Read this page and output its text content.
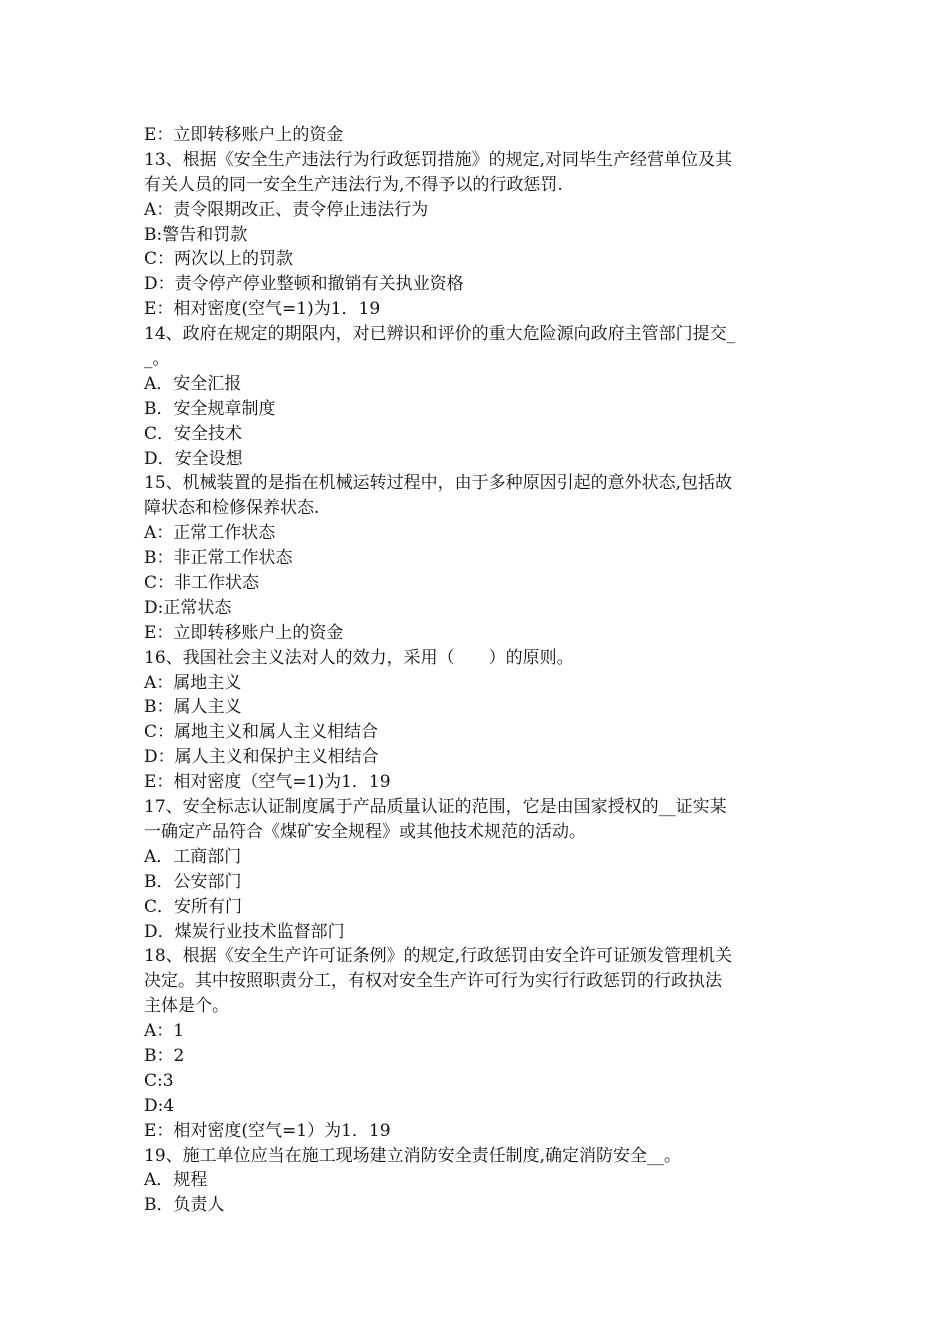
E：立即转移账户上的资金
13、根据《安全生产违法行为行政惩罚措施》的规定,对同毕生产经营单位及其
有关人员的同一安全生产违法行为,不得予以的行政惩罚.
A：责令限期改正、责令停止违法行为
B:警告和罚款
C：两次以上的罚款
D：责令停产停业整顿和撤销有关执业资格
E：相对密度(空气=1)为1．19
14、政府在规定的期限内，对已辨识和评价的重大危险源向政府主管部门提交_
_。
A．安全汇报
B．安全规章制度
C．安全技术
D．安全设想
15、机械装置的是指在机械运转过程中，由于多种原因引起的意外状态,包括故
障状态和检修保养状态.
A：正常工作状态
B：非正常工作状态
C：非工作状态
D:正常状态
E：立即转移账户上的资金
16、我国社会主义法对人的效力，采用（　　）的原则。
A：属地主义
B：属人主义
C：属地主义和属人主义相结合
D：属人主义和保护主义相结合
E：相对密度（空气=1)为1．19
17、安全标志认证制度属于产品质量认证的范围，它是由国家授权的__证实某
一确定产品符合《煤矿安全规程》或其他技术规范的活动。
A．工商部门
B．公安部门
C．安所有门
D．煤炭行业技术监督部门
18、根据《安全生产许可证条例》的规定,行政惩罚由安全许可证颁发管理机关
决定。其中按照职责分工，有权对安全生产许可行为实行行政惩罚的行政执法
主体是个。
A：1
B：2
C:3
D:4
E：相对密度(空气=1）为1．19
19、施工单位应当在施工现场建立消防安全责任制度,确定消防安全__。
A．规程
B．负责人
